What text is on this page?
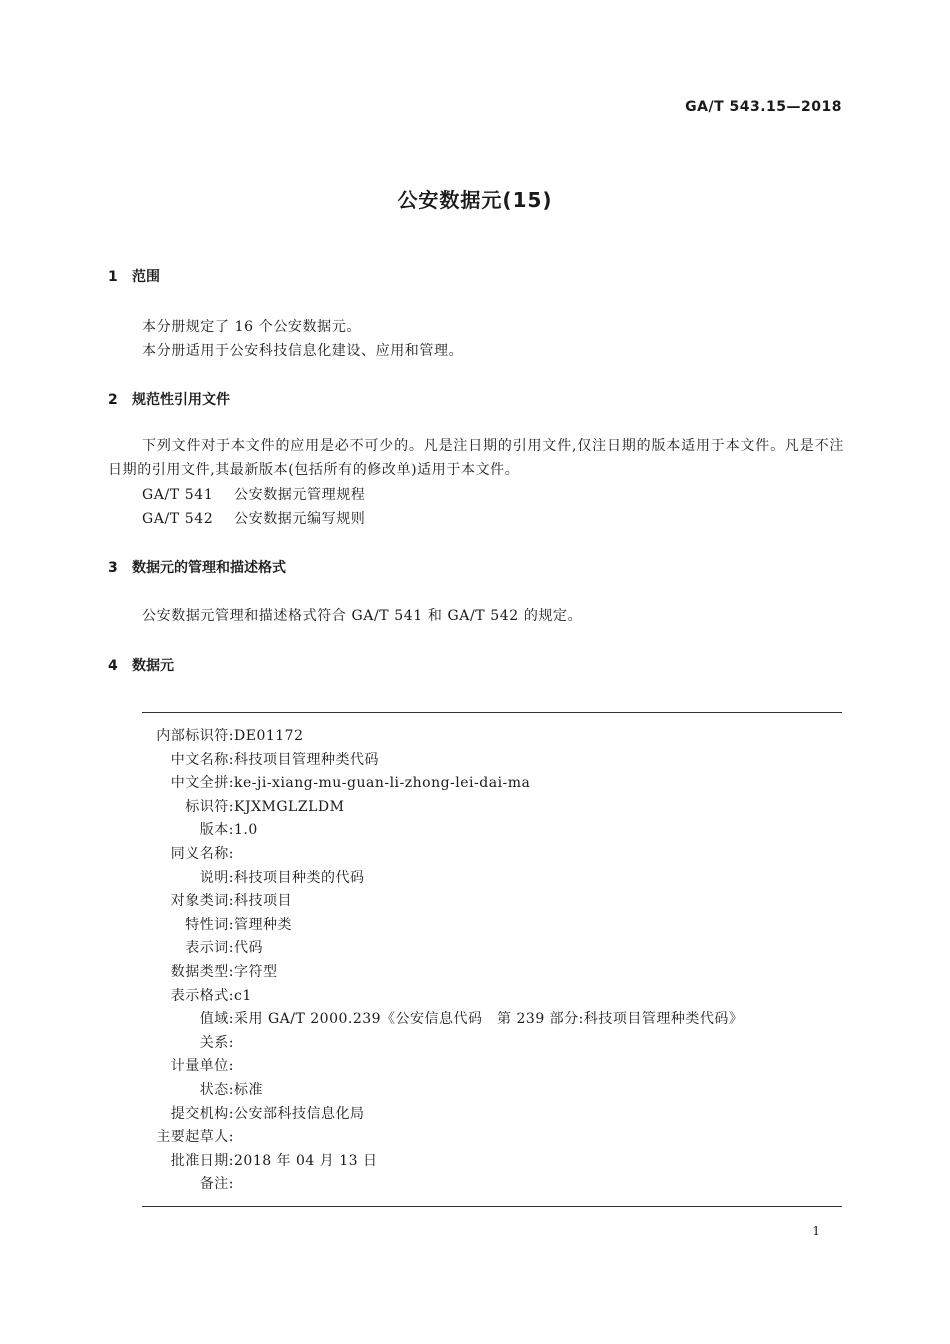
GA/T 543.15—2018
公安数据元(15)
1 范围
本分册规定了 16 个公安数据元。
本分册适用于公安科技信息化建设、应用和管理。
2 规范性引用文件
下列文件对于本文件的应用是必不可少的。凡是注日期的引用文件,仅注日期的版本适用于本文件。凡是不注日期的引用文件,其最新版本(包括所有的修改单)适用于本文件。
GA/T 541 公安数据元管理规程
GA/T 542 公安数据元编写规则
3 数据元的管理和描述格式
公安数据元管理和描述格式符合 GA/T 541 和 GA/T 542 的规定。
4 数据元
内部标识符:DE01172
中文名称:科技项目管理种类代码
中文全拼:ke-ji-xiang-mu-guan-li-zhong-lei-dai-ma
标识符:KJXMGLZLDM
版本:1.0
同义名称:
说明:科技项目种类的代码
对象类词:科技项目
特性词:管理种类
表示词:代码
数据类型:字符型
表示格式:c1
值域:采用 GA/T 2000.239《公安信息代码　第 239 部分:科技项目管理种类代码》
关系:
计量单位:
状态:标准
提交机构:公安部科技信息化局
主要起草人:
批准日期:2018 年 04 月 13 日
备注:
1
